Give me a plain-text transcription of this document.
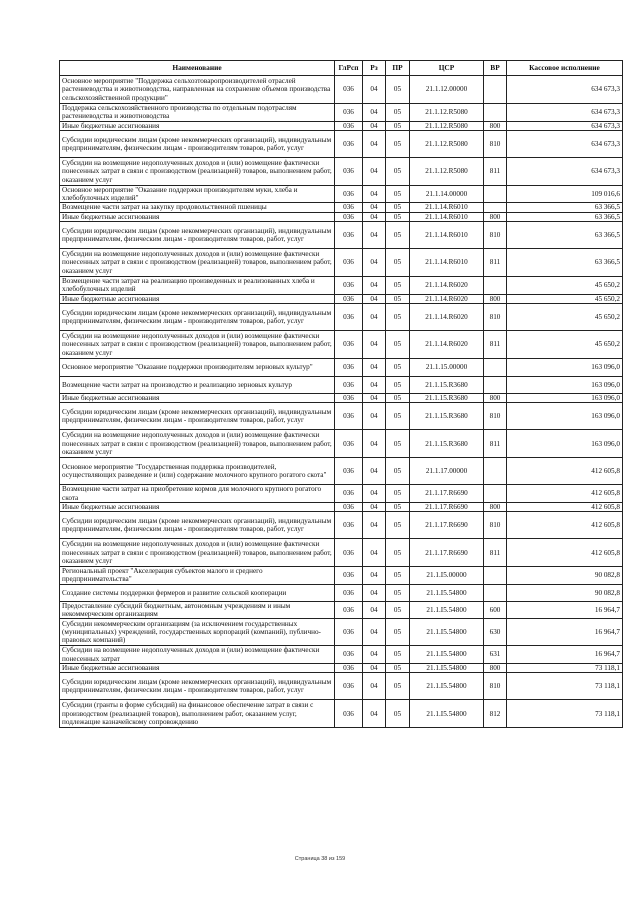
Наименование	ГлРсп	Рз	ПР	ЦСР	ВР	Кассовое исполнение
Основное мероприятие "Поддержка сельхозтоваропроизводителей отраслей растениеводства и животноводства, направленная на сохранение объемов производства сельскохозяйственной продукции"	036	04	05	21.1.12.00000		634 673,3
Поддержка сельскохозяйственного производства по отдельным подотраслям растениеводства и животноводства	036	04	05	21.1.12.R5080		634 673,3
Иные бюджетные ассигнования	036	04	05	21.1.12.R5080	800	634 673,3
Субсидии юридическим лицам (кроме некоммерческих организаций), индивидуальным предпринимателям, физическим лицам - производителям товаров, работ, услуг	036	04	05	21.1.12.R5080	810	634 673,3
Субсидии на возмещение недополученных доходов и (или) возмещение фактически понесенных затрат в связи с производством (реализацией) товаров, выполнением работ, оказанием услуг	036	04	05	21.1.12.R5080	811	634 673,3
Основное мероприятие "Оказание поддержки производителям муки, хлеба и хлебобулочных изделий"	036	04	05	21.1.14.00000		109 016,6
Возмещение части затрат на закупку продовольственной пшеницы	036	04	05	21.1.14.R6010		63 366,5
Иные бюджетные ассигнования	036	04	05	21.1.14.R6010	800	63 366,5
Субсидии юридическим лицам (кроме некоммерческих организаций), индивидуальным предпринимателям, физическим лицам - производителям товаров, работ, услуг	036	04	05	21.1.14.R6010	810	63 366,5
Субсидии на возмещение недополученных доходов и (или) возмещение фактически понесенных затрат в связи с производством (реализацией) товаров, выполнением работ, оказанием услуг	036	04	05	21.1.14.R6010	811	63 366,5
Возмещение части затрат на реализацию произведенных и реализованных хлеба и хлебобулочных изделий	036	04	05	21.1.14.R6020		45 650,2
Иные бюджетные ассигнования	036	04	05	21.1.14.R6020	800	45 650,2
Субсидии юридическим лицам (кроме некоммерческих организаций), индивидуальным предпринимателям, физическим лицам - производителям товаров, работ, услуг	036	04	05	21.1.14.R6020	810	45 650,2
Субсидии на возмещение недополученных доходов и (или) возмещение фактически понесенных затрат в связи с производством (реализацией) товаров, выполнением работ, оказанием услуг	036	04	05	21.1.14.R6020	811	45 650,2
Основное мероприятие "Оказание поддержки производителям зерновых культур"	036	04	05	21.1.15.00000		163 096,0
Возмещение части затрат на производство и реализацию зерновых культур	036	04	05	21.1.15.R3680		163 096,0
Иные бюджетные ассигнования	036	04	05	21.1.15.R3680	800	163 096,0
Субсидии юридическим лицам (кроме некоммерческих организаций), индивидуальным предпринимателям, физическим лицам - производителям товаров, работ, услуг	036	04	05	21.1.15.R3680	810	163 096,0
Субсидии на возмещение недополученных доходов и (или) возмещение фактически понесенных затрат в связи с производством (реализацией) товаров, выполнением работ, оказанием услуг	036	04	05	21.1.15.R3680	811	163 096,0
Основное мероприятие "Государственная поддержка производителей, осуществляющих разведение и (или) содержание молочного крупного рогатого скота"	036	04	05	21.1.17.00000		412 605,8
Возмещение части затрат на приобретение кормов для молочного крупного рогатого скота	036	04	05	21.1.17.R6690		412 605,8
Иные бюджетные ассигнования	036	04	05	21.1.17.R6690	800	412 605,8
Субсидии юридическим лицам (кроме некоммерческих организаций), индивидуальным предпринимателям, физическим лицам - производителям товаров, работ, услуг	036	04	05	21.1.17.R6690	810	412 605,8
Субсидии на возмещение недополученных доходов и (или) возмещение фактически понесенных затрат в связи с производством (реализацией) товаров, выполнением работ, оказанием услуг	036	04	05	21.1.17.R6690	811	412 605,8
Региональный проект "Акселерация субъектов малого и среднего предпринимательства"	036	04	05	21.1.I5.00000		90 082,8
Создание системы поддержки фермеров и развитие сельской кооперации	036	04	05	21.1.I5.54800		90 082,8
Предоставление субсидий бюджетным, автономным учреждениям и иным некоммерческим организациям	036	04	05	21.1.I5.54800	600	16 964,7
Субсидии некоммерческим организациям (за исключением государственных (муниципальных) учреждений, государственных корпораций (компаний), публично-правовых компаний)	036	04	05	21.1.I5.54800	630	16 964,7
Субсидии на возмещение недополученных доходов и (или) возмещение фактически понесенных затрат	036	04	05	21.1.I5.54800	631	16 964,7
Иные бюджетные ассигнования	036	04	05	21.1.I5.54800	800	73 118,1
Субсидии юридическим лицам (кроме некоммерческих организаций), индивидуальным предпринимателям, физическим лицам - производителям товаров, работ, услуг	036	04	05	21.1.I5.54800	810	73 118,1
Субсидии (гранты в форме субсидий) на финансовое обеспечение затрат в связи с производством (реализацией товаров), выполнением работ, оказанием услуг, подлежащие казначейскому сопровождению	036	04	05	21.1.I5.54800	812	73 118,1
Страница 38 из 159
